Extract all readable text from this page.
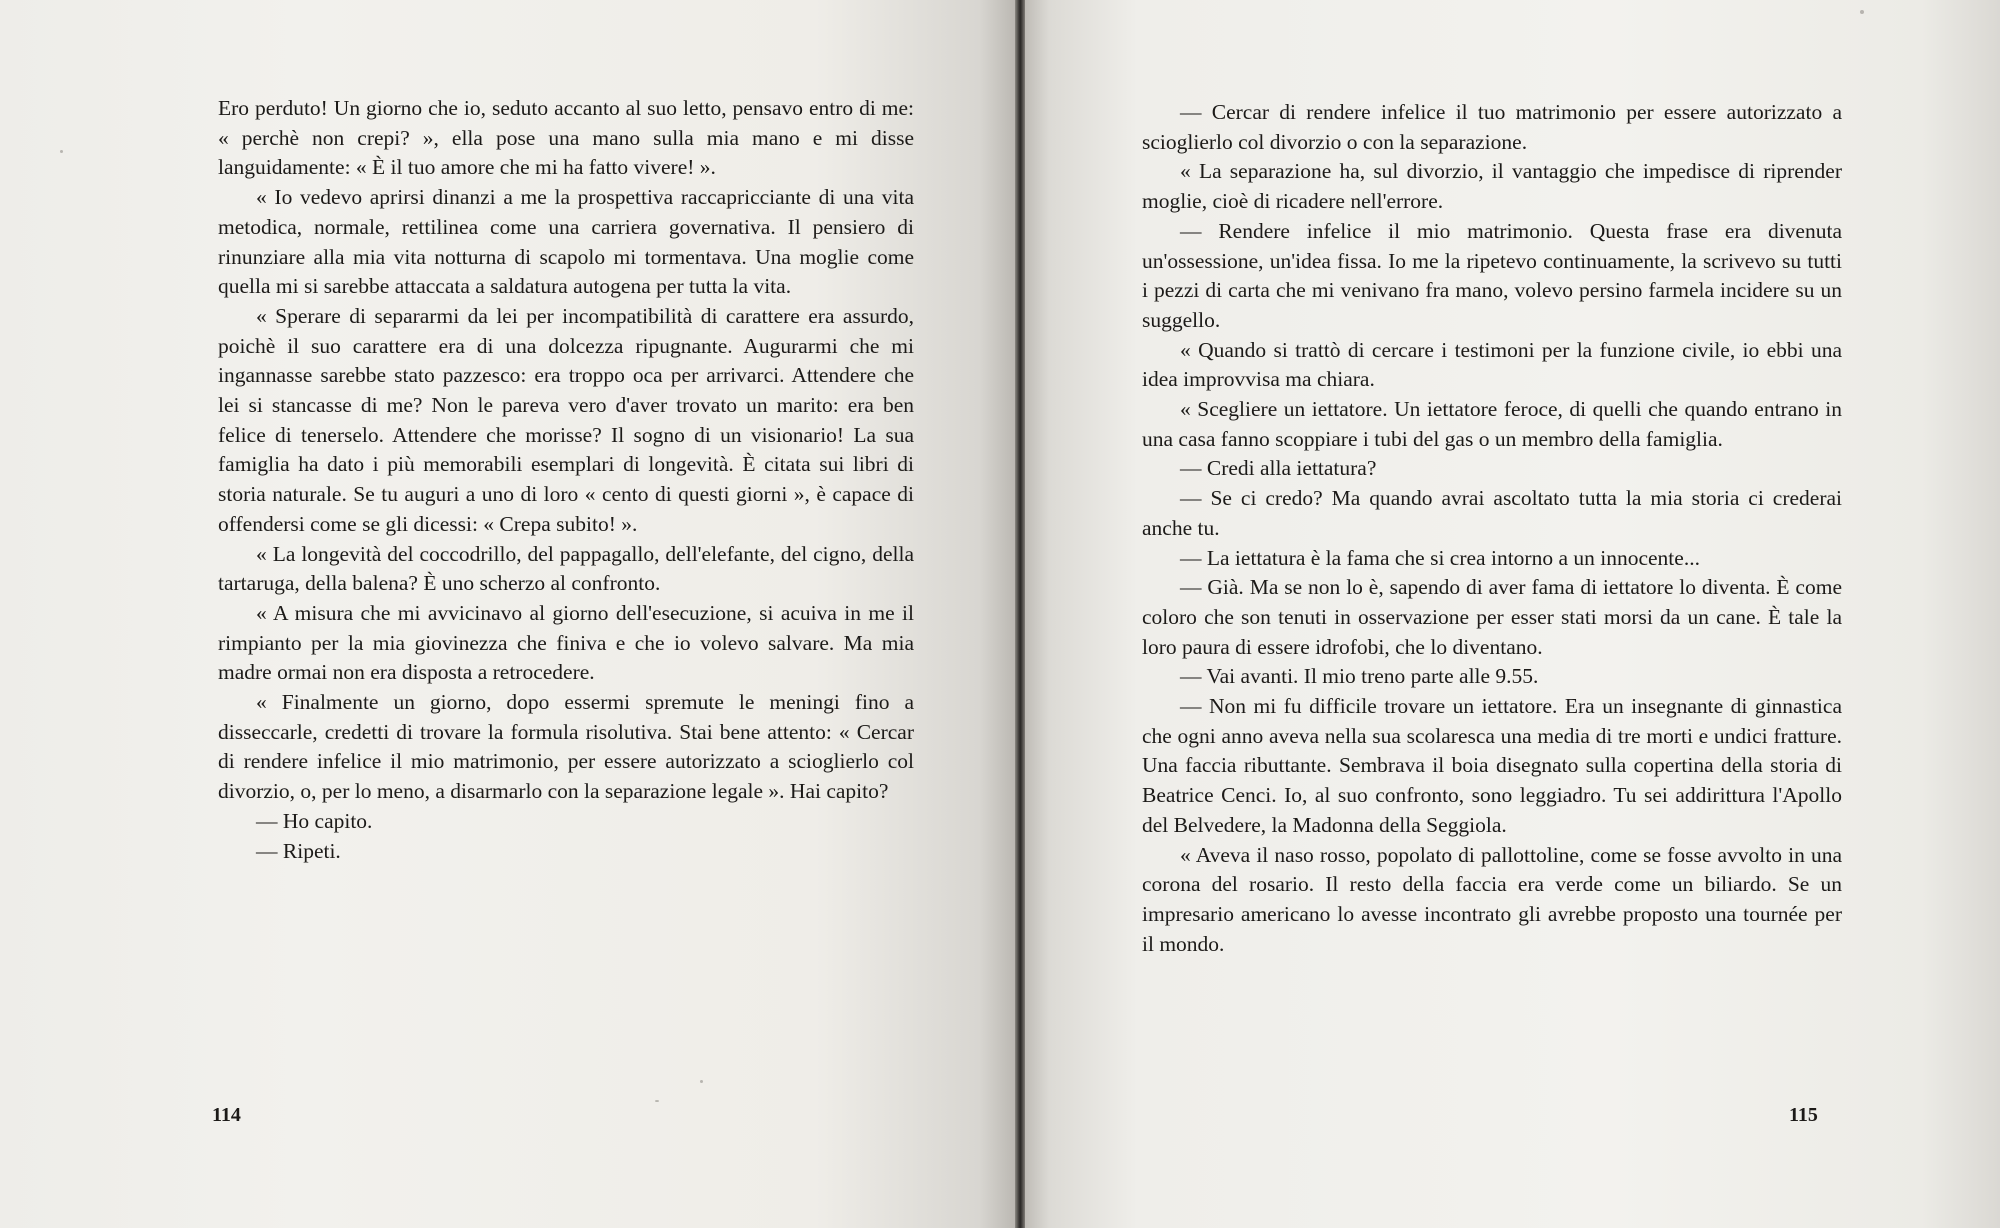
Ero perduto! Un giorno che io, seduto accanto al suo letto, pensavo entro di me: « perchè non crepi? », ella pose una mano sulla mia mano e mi disse languidamente: « È il tuo amore che mi ha fatto vivere! ».

« Io vedevo aprirsi dinanzi a me la prospettiva raccapricciante di una vita metodica, normale, rettilinea come una carriera governativa. Il pensiero di rinunziare alla mia vita notturna di scapolo mi tormentava. Una moglie come quella mi si sarebbe attaccata a saldatura autogena per tutta la vita.

« Sperare di separarmi da lei per incompatibilità di carattere era assurdo, poichè il suo carattere era di una dolcezza ripugnante. Augurarmi che mi ingannasse sarebbe stato pazzesco: era troppo oca per arrivarci. Attendere che lei si stancasse di me? Non le pareva vero d'aver trovato un marito: era ben felice di tenerselo. Attendere che morisse? Il sogno di un visionario! La sua famiglia ha dato i più memorabili esemplari di longevità. È citata sui libri di storia naturale. Se tu auguri a uno di loro « cento di questi giorni », è capace di offendersi come se gli dicessi: « Crepa subito! ».

« La longevità del coccodrillo, del pappagallo, dell'elefante, del cigno, della tartaruga, della balena? È uno scherzo al confronto.

« A misura che mi avvicinavo al giorno dell'esecuzione, si acuiva in me il rimpianto per la mia giovinezza che finiva e che io volevo salvare. Ma mia madre ormai non era disposta a retrocedere.

« Finalmente un giorno, dopo essermi spremute le meningi fino a disseccarle, credetti di trovare la formula risolutiva. Stai bene attento: « Cercar di rendere infelice il mio matrimonio, per essere autorizzato a scioglierlo col divorzio, o, per lo meno, a disarmarlo con la separazione legale ». Hai capito?

— Ho capito.

— Ripeti.

114

— Cercar di rendere infelice il tuo matrimonio per essere autorizzato a scioglierlo col divorzio o con la separazione.

« La separazione ha, sul divorzio, il vantaggio che impedisce di riprender moglie, cioè di ricadere nell'errore.

— Rendere infelice il mio matrimonio. Questa frase era divenuta un'ossessione, un'idea fissa. Io me la ripetevo continuamente, la scrivevo su tutti i pezzi di carta che mi venivano fra mano, volevo persino farmela incidere su un suggello.

« Quando si trattò di cercare i testimoni per la funzione civile, io ebbi una idea improvvisa ma chiara.

« Scegliere un iettatore. Un iettatore feroce, di quelli che quando entrano in una casa fanno scoppiare i tubi del gas o un membro della famiglia.

— Credi alla iettatura?

— Se ci credo? Ma quando avrai ascoltato tutta la mia storia ci crederai anche tu.

— La iettatura è la fama che si crea intorno a un innocente...

— Già. Ma se non lo è, sapendo di aver fama di iettatore lo diventa. È come coloro che son tenuti in osservazione per esser stati morsi da un cane. È tale la loro paura di essere idrofobi, che lo diventano.

— Vai avanti. Il mio treno parte alle 9.55.

— Non mi fu difficile trovare un iettatore. Era un insegnante di ginnastica che ogni anno aveva nella sua scolaresca una media di tre morti e undici fratture. Una faccia ributtante. Sembrava il boia disegnato sulla copertina della storia di Beatrice Cenci. Io, al suo confronto, sono leggiadro. Tu sei addirittura l'Apollo del Belvedere, la Madonna della Seggiola.

« Aveva il naso rosso, popolato di pallottoline, come se fosse avvolto in una corona del rosario. Il resto della faccia era verde come un biliardo. Se un impresario americano lo avesse incontrato gli avrebbe proposto una tournée per il mondo.

115
